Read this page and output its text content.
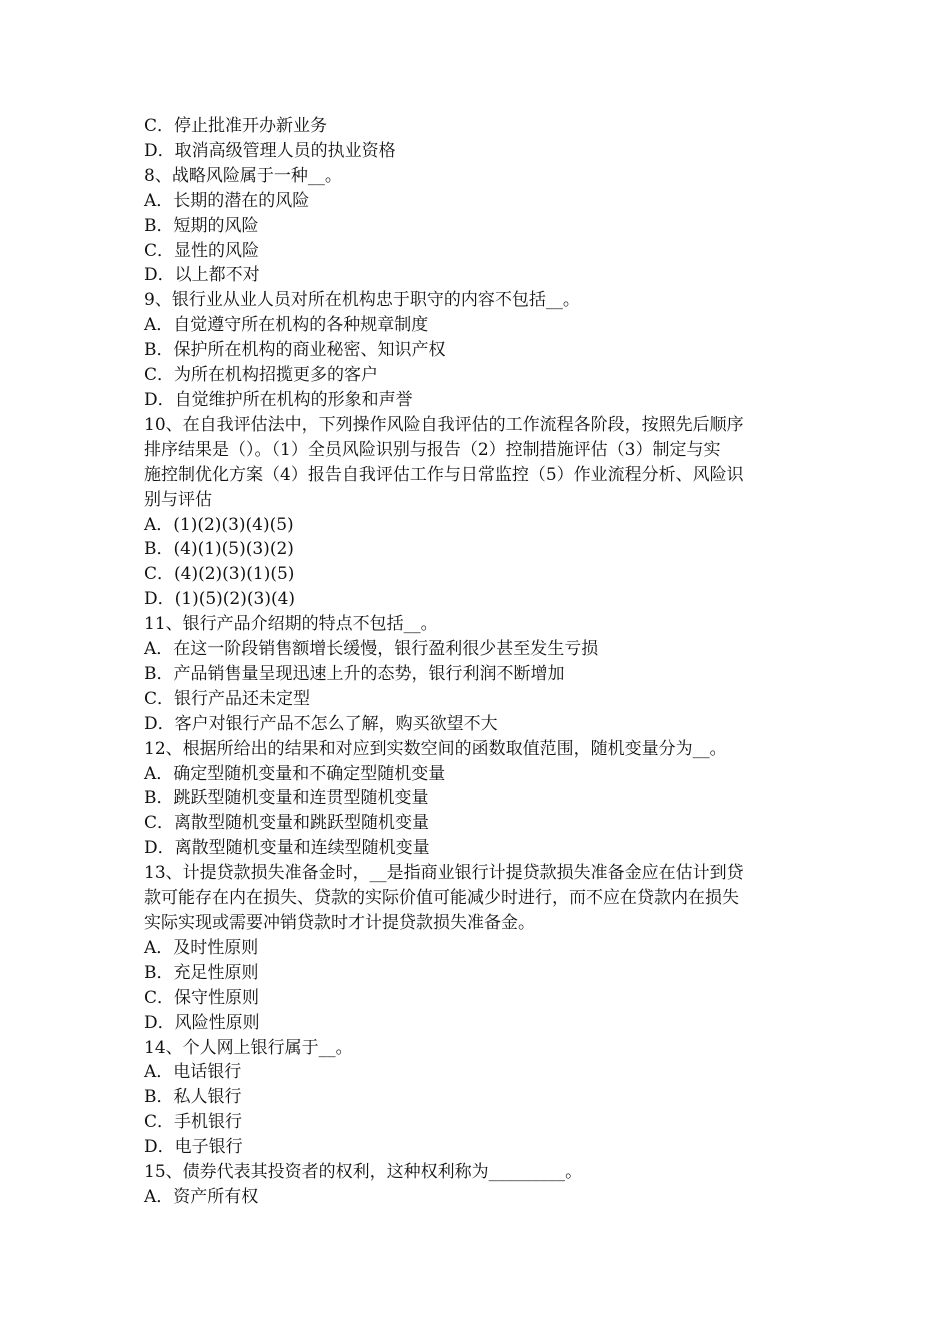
C．停止批准开办新业务
D．取消高级管理人员的执业资格
8、战略风险属于一种__。
A．长期的潜在的风险
B．短期的风险
C．显性的风险
D．以上都不对
9、银行业从业人员对所在机构忠于职守的内容不包括__。
A．自觉遵守所在机构的各种规章制度
B．保护所在机构的商业秘密、知识产权
C．为所在机构招揽更多的客户
D．自觉维护所在机构的形象和声誉
10、在自我评估法中，下列操作风险自我评估的工作流程各阶段，按照先后顺序
排序结果是（）。（1）全员风险识别与报告（2）控制措施评估（3）制定与实
施控制优化方案（4）报告自我评估工作与日常监控（5）作业流程分析、风险识
别与评估
A．(1)(2)(3)(4)(5)
B．(4)(1)(5)(3)(2)
C．(4)(2)(3)(1)(5)
D．(1)(5)(2)(3)(4)
11、银行产品介绍期的特点不包括__。
A．在这一阶段销售额增长缓慢，银行盈利很少甚至发生亏损
B．产品销售量呈现迅速上升的态势，银行利润不断增加
C．银行产品还未定型
D．客户对银行产品不怎么了解，购买欲望不大
12、根据所给出的结果和对应到实数空间的函数取值范围，随机变量分为__。
A．确定型随机变量和不确定型随机变量
B．跳跃型随机变量和连贯型随机变量
C．离散型随机变量和跳跃型随机变量
D．离散型随机变量和连续型随机变量
13、计提贷款损失准备金时，__是指商业银行计提贷款损失准备金应在估计到贷
款可能存在内在损失、贷款的实际价值可能减少时进行，而不应在贷款内在损失
实际实现或需要冲销贷款时才计提贷款损失准备金。
A．及时性原则
B．充足性原则
C．保守性原则
D．风险性原则
14、个人网上银行属于__。
A．电话银行
B．私人银行
C．手机银行
D．电子银行
15、债券代表其投资者的权利，这种权利称为_________。
A．资产所有权
